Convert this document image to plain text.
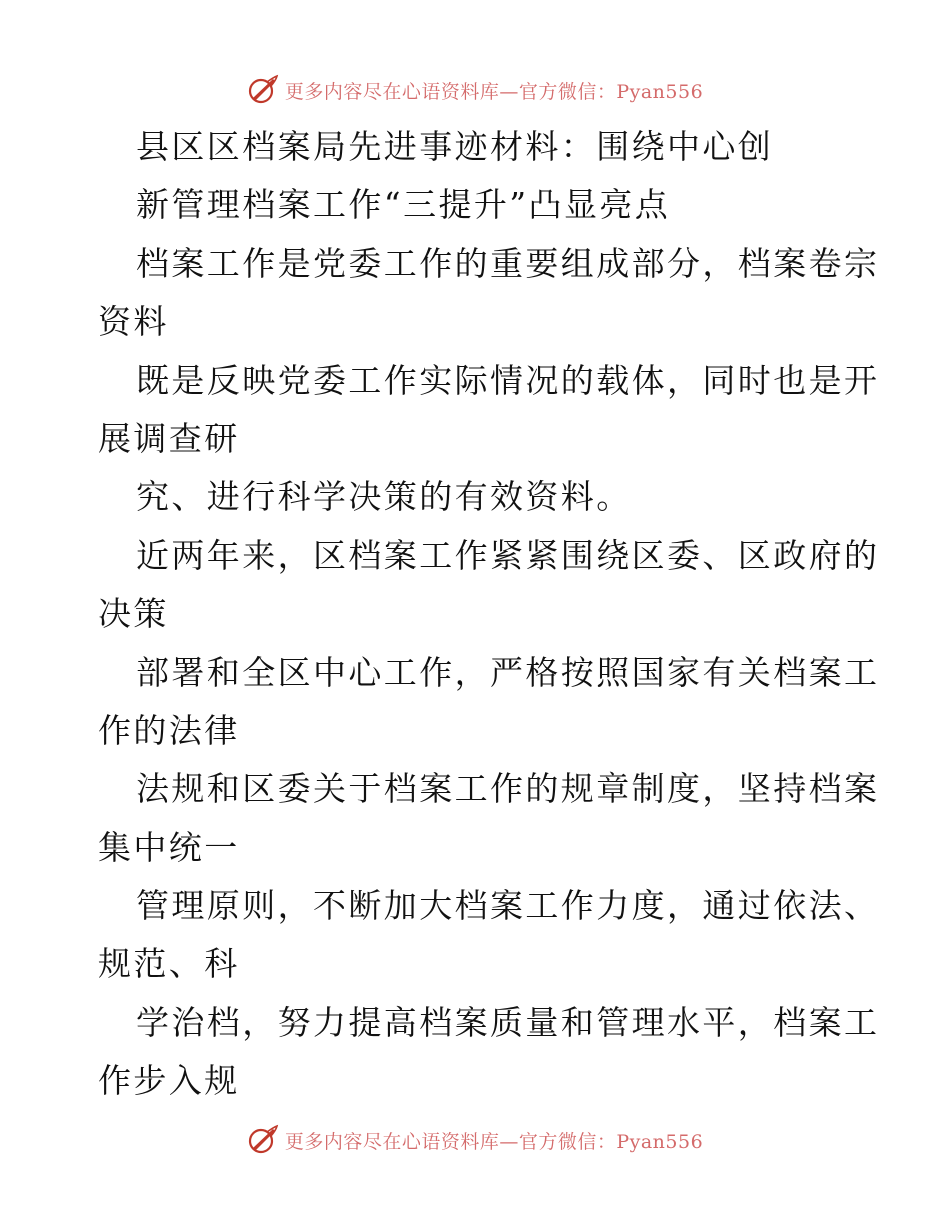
更多内容尽在心语资料库—官方微信：Pyan556
县区区档案局先进事迹材料：围绕中心创
新管理档案工作“三提升”凸显亮点
档案工作是党委工作的重要组成部分，档案卷宗
资料
既是反映党委工作实际情况的载体，同时也是开
展调查研
究、进行科学决策的有效资料。
近两年来，区档案工作紧紧围绕区委、区政府的
决策
部署和全区中心工作，严格按照国家有关档案工
作的法律
法规和区委关于档案工作的规章制度，坚持档案
集中统一
管理原则，不断加大档案工作力度，通过依法、
规范、科
学治档，努力提高档案质量和管理水平，档案工
作步入规
更多内容尽在心语资料库—官方微信：Pyan556
